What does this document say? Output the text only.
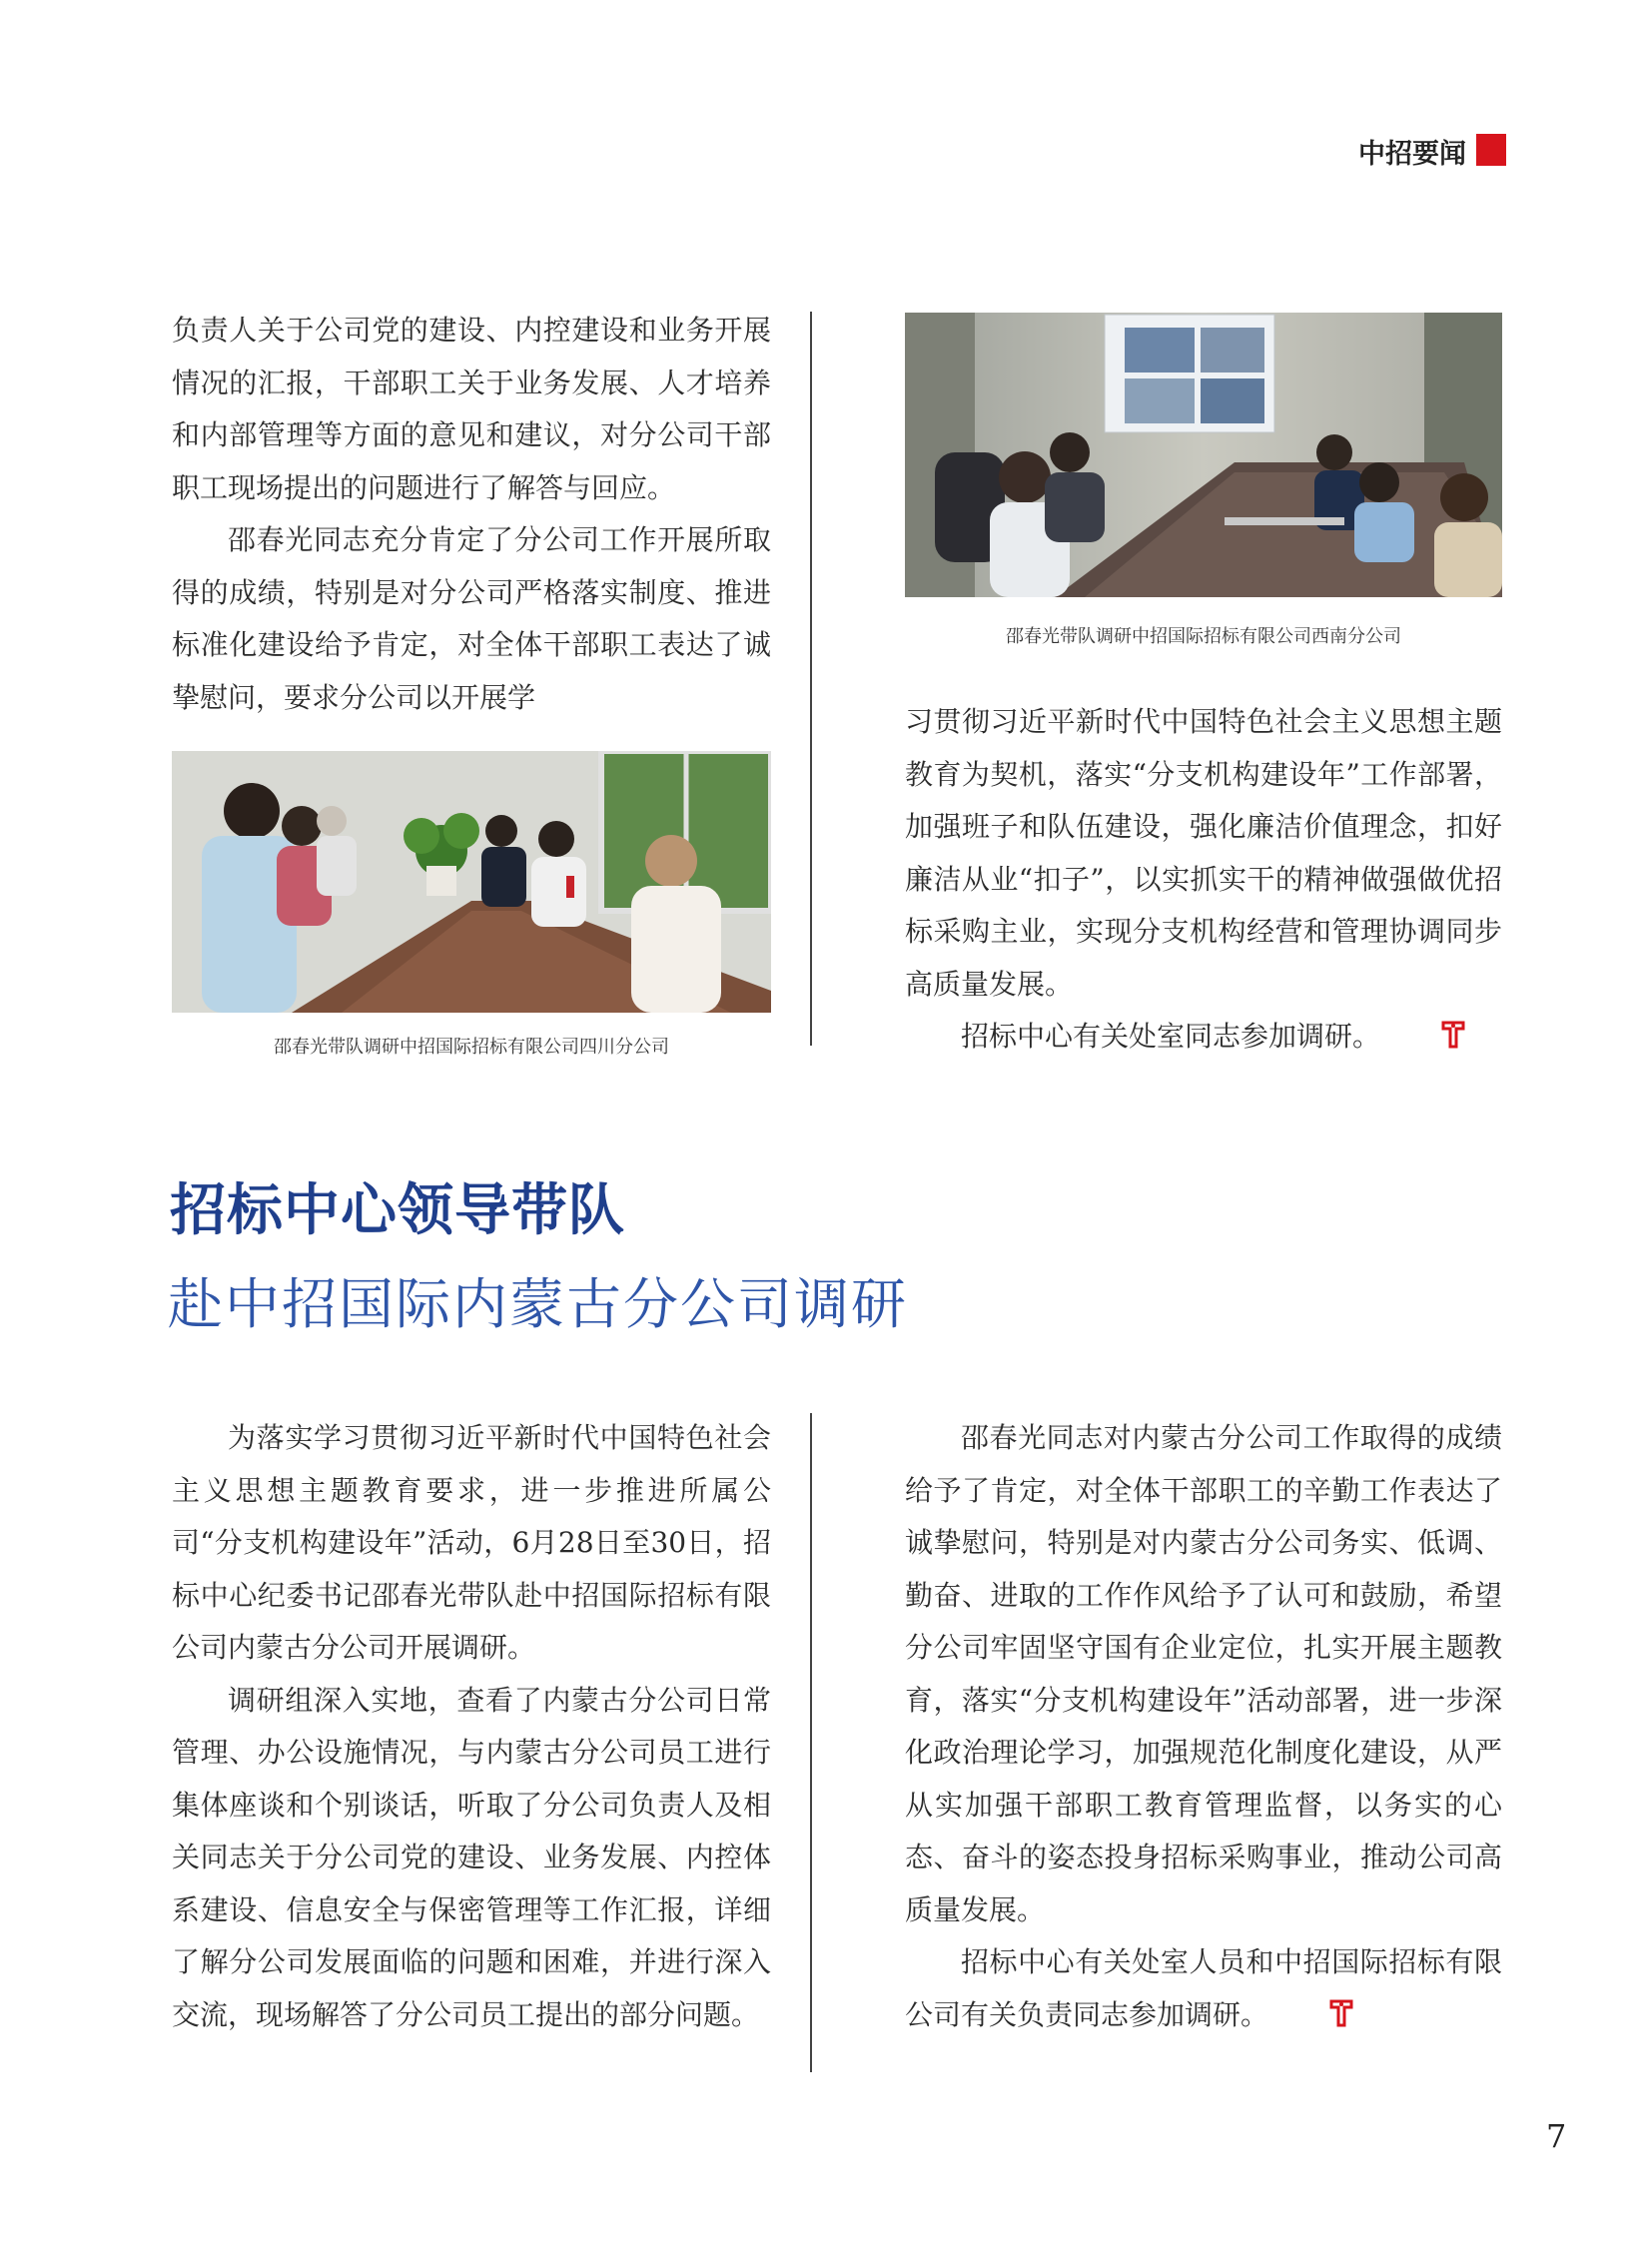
中招要闻

负责人关于公司党的建设、内控建设和业务开展情况的汇报，干部职工关于业务发展、人才培养和内部管理等方面的意见和建议，对分公司干部职工现场提出的问题进行了解答与回应。

邵春光同志充分肯定了分公司工作开展所取得的成绩，特别是对分公司严格落实制度、推进标准化建设给予肯定，对全体干部职工表达了诚挚慰问，要求分公司以开展学

邵春光带队调研中招国际招标有限公司西南分公司

习贯彻习近平新时代中国特色社会主义思想主题教育为契机，落实“分支机构建设年”工作部署，加强班子和队伍建设，强化廉洁价值理念，扣好廉洁从业“扣子”，以实抓实干的精神做强做优招标采购主业，实现分支机构经营和管理协调同步高质量发展。

招标中心有关处室同志参加调研。

邵春光带队调研中招国际招标有限公司四川分公司
招标中心领导带队
赴中招国际内蒙古分公司调研

为落实学习贯彻习近平新时代中国特色社会主义思想主题教育要求，进一步推进所属公司“分支机构建设年”活动，6月28日至30日，招标中心纪委书记邵春光带队赴中招国际招标有限公司内蒙古分公司开展调研。

调研组深入实地，查看了内蒙古分公司日常管理、办公设施情况，与内蒙古分公司员工进行集体座谈和个别谈话，听取了分公司负责人及相关同志关于分公司党的建设、业务发展、内控体系建设、信息安全与保密管理等工作汇报，详细了解分公司发展面临的问题和困难，并进行深入交流，现场解答了分公司员工提出的部分问题。

邵春光同志对内蒙古分公司工作取得的成绩给予了肯定，对全体干部职工的辛勤工作表达了诚挚慰问，特别是对内蒙古分公司务实、低调、勤奋、进取的工作作风给予了认可和鼓励，希望分公司牢固坚守国有企业定位，扎实开展主题教育，落实“分支机构建设年”活动部署，进一步深化政治理论学习，加强规范化制度化建设，从严从实加强干部职工教育管理监督，以务实的心态、奋斗的姿态投身招标采购事业，推动公司高质量发展。

招标中心有关处室人员和中招国际招标有限公司有关负责同志参加调研。

7
